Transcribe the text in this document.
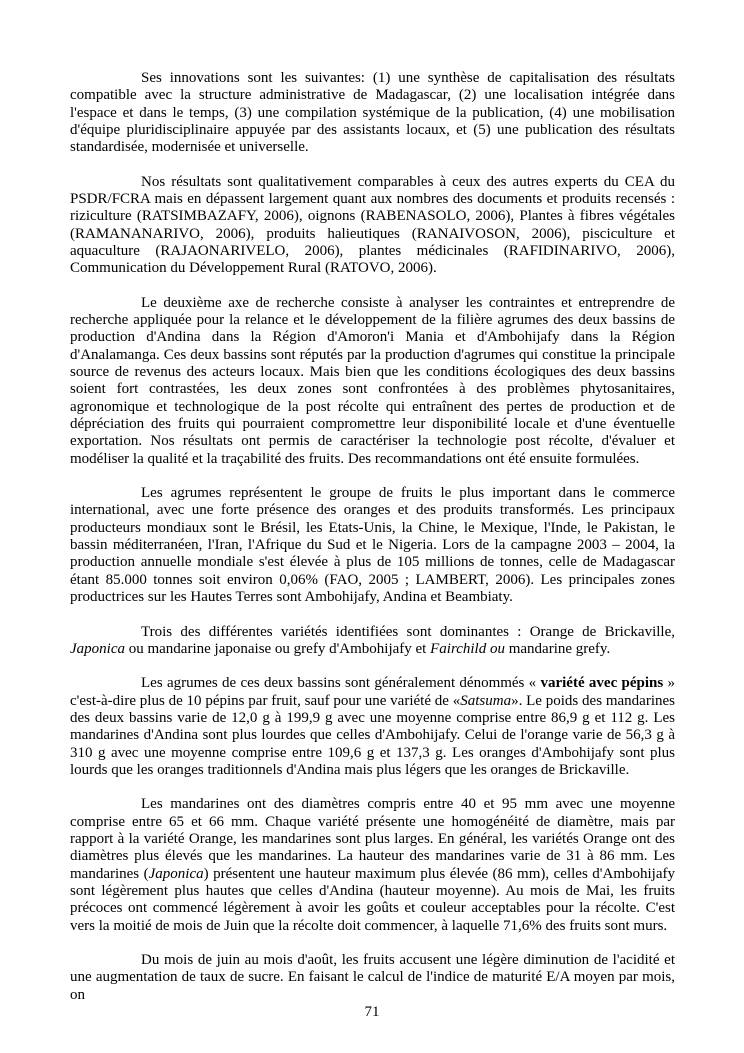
Ses innovations sont les suivantes: (1) une synthèse de capitalisation des résultats compatible avec la structure administrative de Madagascar, (2) une localisation intégrée dans l'espace et dans le temps, (3) une compilation systémique de la publication, (4) une mobilisation d'équipe pluridisciplinaire appuyée par des assistants locaux, et (5) une publication des résultats standardisée, modernisée et universelle.

Nos résultats sont qualitativement comparables à ceux des autres experts du CEA du PSDR/FCRA mais en dépassent largement quant aux nombres des documents et produits recensés : riziculture (RATSIMBAZAFY, 2006), oignons (RABENASOLO, 2006), Plantes à fibres végétales (RAMANANARIVO, 2006), produits halieutiques (RANAIVOSON, 2006), pisciculture et aquaculture (RAJAONARIVELO, 2006), plantes médicinales (RAFIDINARIVO, 2006), Communication du Développement Rural (RATOVO, 2006).

Le deuxième axe de recherche consiste à analyser les contraintes et entreprendre de recherche appliquée pour la relance et le développement de la filière agrumes des deux bassins de production d'Andina dans la Région d'Amoron'i Mania et d'Ambohijafy dans la Région d'Analamanga. Ces deux bassins sont réputés par la production d'agrumes qui constitue la principale source de revenus des acteurs locaux. Mais bien que les conditions écologiques des deux bassins soient fort contrastées, les deux zones sont confrontées à des problèmes phytosanitaires, agronomique et technologique de la post récolte qui entraînent des pertes de production et de dépréciation des fruits qui pourraient compromettre leur disponibilité locale et d'une éventuelle exportation. Nos résultats ont permis de caractériser la technologie post récolte, d'évaluer et modéliser la qualité et la traçabilité des fruits. Des recommandations ont été ensuite formulées.

Les agrumes représentent le groupe de fruits le plus important dans le commerce international, avec une forte présence des oranges et des produits transformés. Les principaux producteurs mondiaux sont le Brésil, les Etats-Unis, la Chine, le Mexique, l'Inde, le Pakistan, le bassin méditerranéen, l'Iran, l'Afrique du Sud et le Nigeria. Lors de la campagne 2003 – 2004, la production annuelle mondiale s'est élevée à plus de 105 millions de tonnes, celle de Madagascar étant 85.000 tonnes soit environ 0,06% (FAO, 2005 ; LAMBERT, 2006). Les principales zones productrices sur les Hautes Terres sont Ambohijafy, Andina et Beambiaty.

Trois des différentes variétés identifiées sont dominantes : Orange de Brickaville, Japonica ou mandarine japonaise ou grefy d'Ambohijafy et Fairchild ou mandarine grefy.

Les agrumes de ces deux bassins sont généralement dénommés « variété avec pépins » c'est-à-dire plus de 10 pépins par fruit, sauf pour une variété de «Satsuma». Le poids des mandarines des deux bassins varie de 12,0 g à 199,9 g avec une moyenne comprise entre 86,9 g et 112 g. Les mandarines d'Andina sont plus lourdes que celles d'Ambohijafy. Celui de l'orange varie de 56,3 g à 310 g avec une moyenne comprise entre 109,6 g et 137,3 g. Les oranges d'Ambohijafy sont plus lourds que les oranges traditionnels d'Andina mais plus légers que les oranges de Brickaville.

Les mandarines ont des diamètres compris entre 40 et 95 mm avec une moyenne comprise entre 65 et 66 mm. Chaque variété présente une homogénéité de diamètre, mais par rapport à la variété Orange, les mandarines sont plus larges. En général, les variétés Orange ont des diamètres plus élevés que les mandarines. La hauteur des mandarines varie de 31 à 86 mm. Les mandarines (Japonica) présentent une hauteur maximum plus élevée (86 mm), celles d'Ambohijafy sont légèrement plus hautes que celles d'Andina (hauteur moyenne). Au mois de Mai, les fruits précoces ont commencé légèrement à avoir les goûts et couleur acceptables pour la récolte. C'est vers la moitié de mois de Juin que la récolte doit commencer, à laquelle 71,6% des fruits sont murs.

Du mois de juin au mois d'août, les fruits accusent une légère diminution de l'acidité et une augmentation de taux de sucre. En faisant le calcul de l'indice de maturité E/A moyen par mois, on

71
